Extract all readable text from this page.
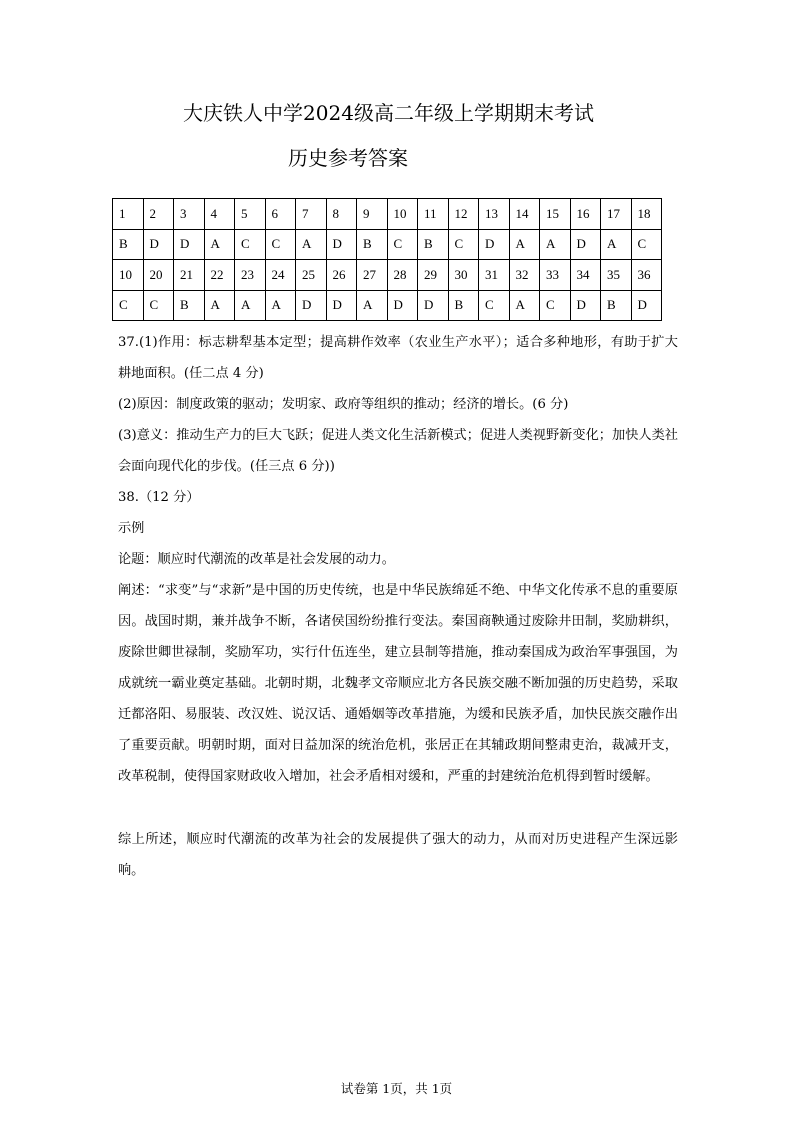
大庆铁人中学2024级高二年级上学期期末考试
历史参考答案
1	2	3	4	5	6	7	8	9	10	11	12	13	14	15	16	17	18
B	D	D	A	C	C	A	D	B	C	B	C	D	A	A	D	A	C
10	20	21	22	23	24	25	26	27	28	29	30	31	32	33	34	35	36
C	C	B	A	A	A	D	D	A	D	D	B	C	A	C	D	B	D
37.(1)作用：标志耕犁基本定型；提高耕作效率（农业生产水平）；适合多种地形，有助于扩大耕地面积。(任二点 4 分)
(2)原因：制度政策的驱动；发明家、政府等组织的推动；经济的增长。(6 分)
(3)意义：推动生产力的巨大飞跃；促进人类文化生活新模式；促进人类视野新变化；加快人类社会面向现代化的步伐。(任三点 6 分))
38.（12 分）
示例
论题：顺应时代潮流的改革是社会发展的动力。
阐述：“求变”与“求新”是中国的历史传统，也是中华民族绵延不绝、中华文化传承不息的重要原因。战国时期，兼并战争不断，各诸侯国纷纷推行变法。秦国商鞅通过废除井田制，奖励耕织，废除世卿世禄制，奖励军功，实行什伍连坐，建立县制等措施，推动秦国成为政治军事强国，为成就统一霸业奠定基础。北朝时期，北魏孝文帝顺应北方各民族交融不断加强的历史趋势，采取迁都洛阳、易服装、改汉姓、说汉话、通婚姻等改革措施，为缓和民族矛盾，加快民族交融作出了重要贡献。明朝时期，面对日益加深的统治危机，张居正在其辅政期间整肃吏治，裁减开支，改革税制，使得国家财政收入增加，社会矛盾相对缓和，严重的封建统治危机得到暂时缓解。
综上所述，顺应时代潮流的改革为社会的发展提供了强大的动力，从而对历史进程产生深远影响。
试卷第 1页，共 1页
